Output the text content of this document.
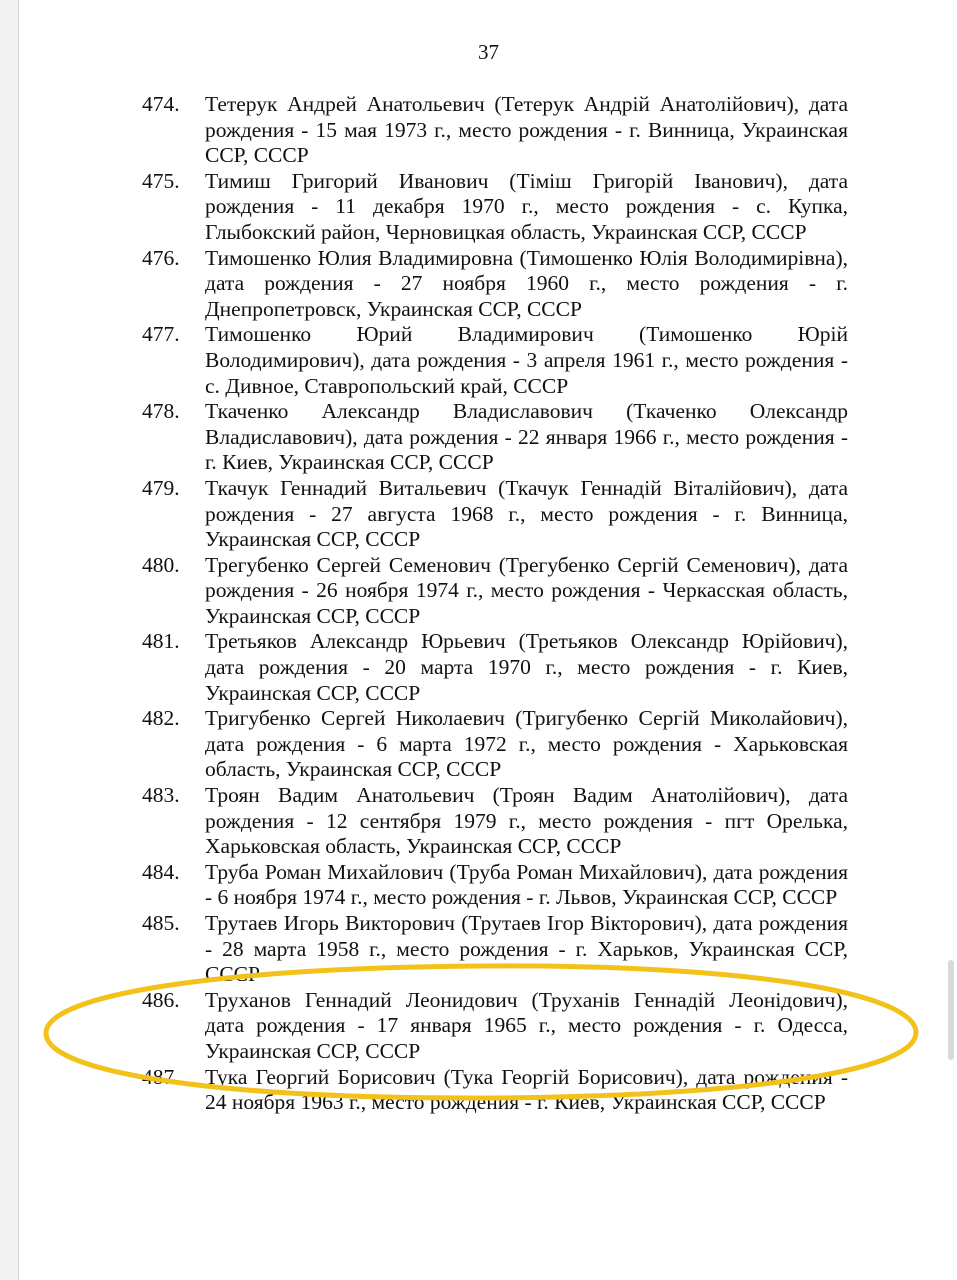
37
474.	Тетерук Андрей Анатольевич (Тетерук Андрій Анатолійович), дата рождения - 15 мая 1973 г., место рождения - г. Винница, Украинская ССР, СССР
475.	Тимиш Григорий Иванович (Тіміш Григорій Іванович), дата рождения - 11 декабря 1970 г., место рождения - с. Купка, Глыбокский район, Черновицкая область, Украинская ССР, СССР
476.	Тимошенко Юлия Владимировна (Тимошенко Юлія Володимирівна), дата рождения - 27 ноября 1960 г., место рождения - г. Днепропетровск, Украинская ССР, СССР
477.	Тимошенко Юрий Владимирович (Тимошенко Юрій Володимирович), дата рождения - 3 апреля 1961 г., место рождения - с. Дивное, Ставропольский край, СССР
478.	Ткаченко Александр Владиславович (Ткаченко Олександр Владиславович), дата рождения - 22 января 1966 г., место рождения - г. Киев, Украинская ССР, СССР
479.	Ткачук Геннадий Витальевич (Ткачук Геннадій Віталійович), дата рождения - 27 августа 1968 г., место рождения - г. Винница, Украинская ССР, СССР
480.	Трегубенко Сергей Семенович (Трегубенко Сергій Семенович), дата рождения - 26 ноября 1974 г., место рождения - Черкасская область, Украинская ССР, СССР
481.	Третьяков Александр Юрьевич (Третьяков Олександр Юрійович), дата рождения - 20 марта 1970 г., место рождения - г. Киев, Украинская ССР, СССР
482.	Тригубенко Сергей Николаевич (Тригубенко Сергій Миколайович), дата рождения - 6 марта 1972 г., место рождения - Харьковская область, Украинская ССР, СССР
483.	Троян Вадим Анатольевич (Троян Вадим Анатолійович), дата рождения - 12 сентября 1979 г., место рождения - пгт Орелька, Харьковская область, Украинская ССР, СССР
484.	Труба Роман Михайлович (Труба Роман Михайлович), дата рождения - 6 ноября 1974 г., место рождения - г. Львов, Украинская ССР, СССР
485.	Трутаев Игорь Викторович (Трутаев Ігор Вікторович), дата рождения - 28 марта 1958 г., место рождения - г. Харьков, Украинская ССР, СССР
486.	Труханов Геннадий Леонидович (Труханів Геннадій Леонідович), дата рождения - 17 января 1965 г., место рождения - г. Одесса, Украинская ССР, СССР
487.	Тука Георгий Борисович (Тука Георгій Борисович), дата рождения - 24 ноября 1963 г., место рождения - г. Киев, Украинская ССР, СССР
